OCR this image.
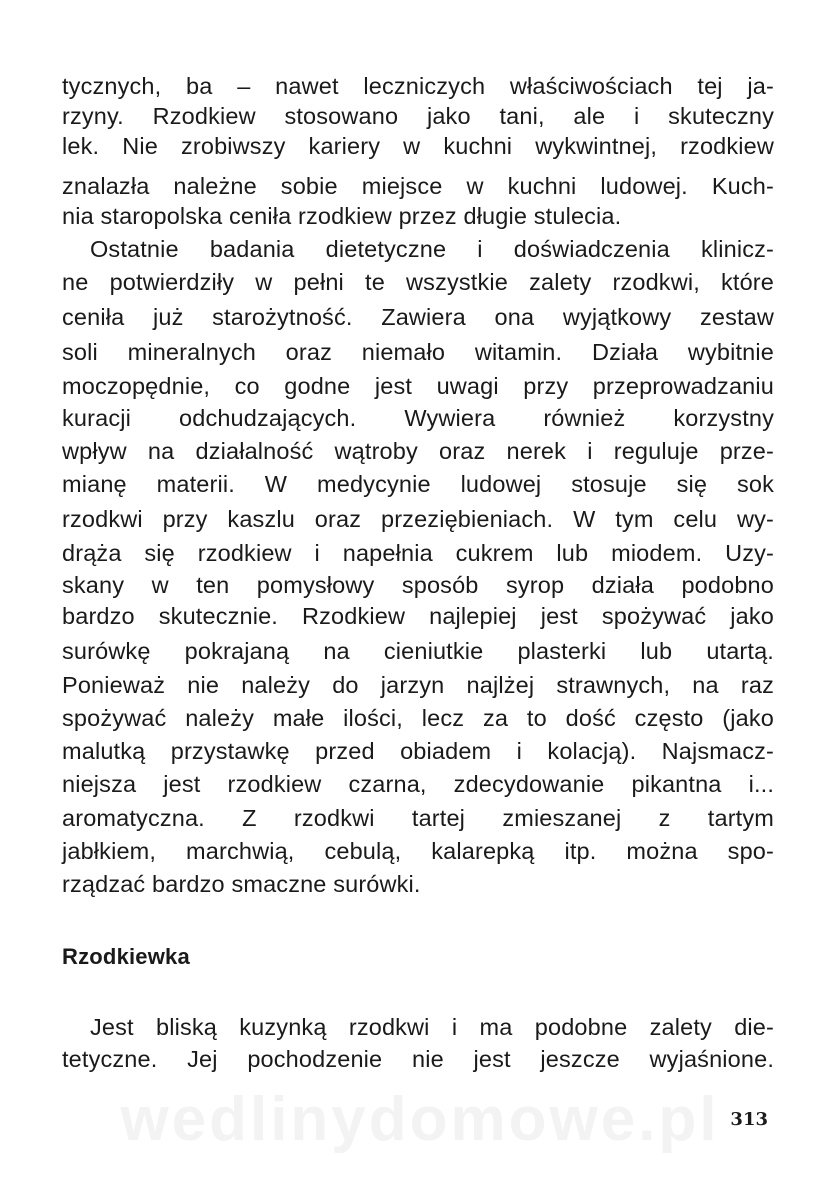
tycznych, ba – nawet leczniczych właściwościach tej ja-
rzyny. Rzodkiew stosowano jako tani, ale i skuteczny
lek. Nie zrobiwszy kariery w kuchni wykwintnej, rzodkiew
znalazła należne sobie miejsce w kuchni ludowej. Kuch-
nia staropolska ceniła rzodkiew przez długie stulecia.
Ostatnie badania dietetyczne i doświadczenia klinicz-
ne potwierdziły w pełni te wszystkie zalety rzodkwi, które
ceniła już starożytność. Zawiera ona wyjątkowy zestaw
soli mineralnych oraz niemało witamin. Działa wybitnie
moczopędnie, co godne jest uwagi przy przeprowadzaniu
kuracji odchudzających. Wywiera również korzystny
wpływ na działalność wątroby oraz nerek i reguluje prze-
mianę materii. W medycynie ludowej stosuje się sok
rzodkwi przy kaszlu oraz przeziębieniach. W tym celu wy-
drąża się rzodkiew i napełnia cukrem lub miodem. Uzy-
skany w ten pomysłowy sposób syrop działa podobno
bardzo skutecznie. Rzodkiew najlepiej jest spożywać jako
surówkę pokrajaną na cieniutkie plasterki lub utartą.
Ponieważ nie należy do jarzyn najlżej strawnych, na raz
spożywać należy małe ilości, lecz za to dość często (jako
malutką przystawkę przed obiadem i kolacją). Najsmacz-
niejsza jest rzodkiew czarna, zdecydowanie pikantna i...
aromatyczna. Z rzodkwi tartej zmieszanej z tartym
jabłkiem, marchwią, cebulą, kalarepką itp. można spo-
rządzać bardzo smaczne surówki.
Rzodkiewka
Jest bliską kuzynką rzodkwi i ma podobne zalety die-
tetyczne. Jej pochodzenie nie jest jeszcze wyjaśnione.
wedlinydomowe.pl 313
